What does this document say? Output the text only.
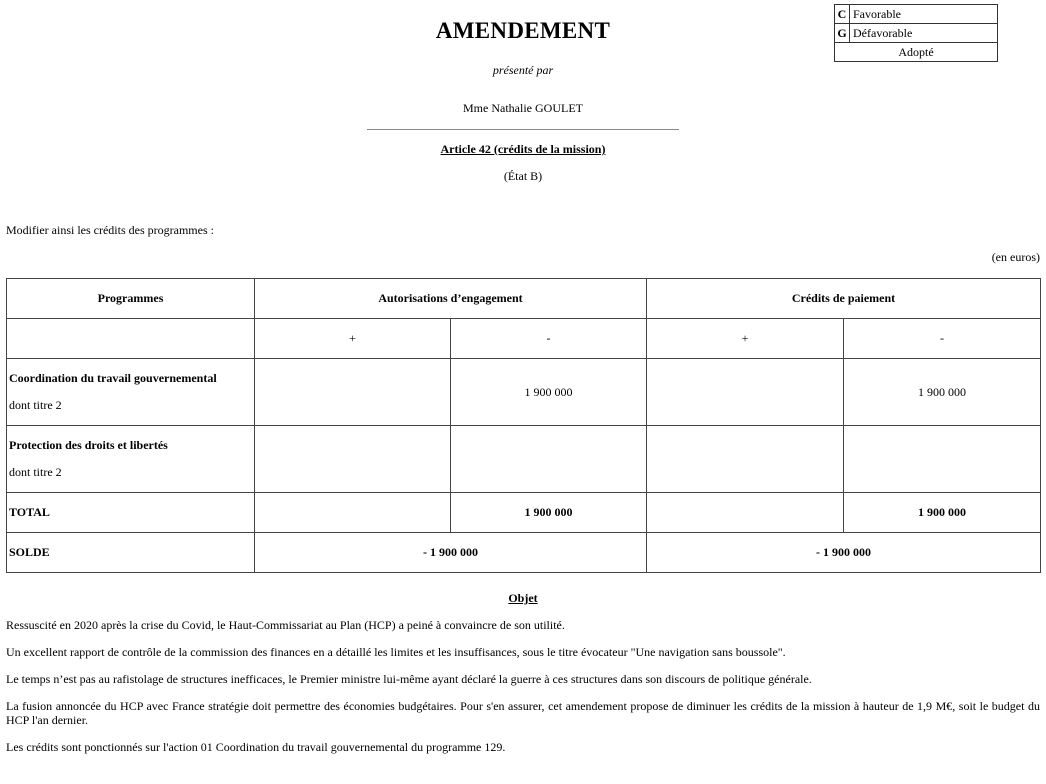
C	Favorable
G	Défavorable
Adopté	
AMENDEMENT
présenté par
Mme Nathalie GOULET
Article 42 (crédits de la mission)
(État B)
Modifier ainsi les crédits des programmes :
(en euros)
Programmes	Autorisations d’engagement		Crédits de paiement	
	+	-	+	-

Coordination du travail gouvernemental
dont titre 2		1 900 000		1 900 000

Protection des droits et libertés
dont titre 2				

TOTAL		1 900 000		1 900 000
SOLDE	- 1 900 000		- 1 900 000	
Objet

Ressuscité en 2020 après la crise du Covid, le Haut-Commissariat au Plan (HCP) a peiné à convaincre de son utilité.

Un excellent rapport de contrôle de la commission des finances en a détaillé les limites et les insuffisances, sous le titre évocateur "Une navigation sans boussole".

Le temps n’est pas au rafistolage de structures inefficaces, le Premier ministre lui-même ayant déclaré la guerre à ces structures dans son discours de politique générale.

La fusion annoncée du HCP avec France stratégie doit permettre des économies budgétaires. Pour s'en assurer, cet amendement propose de diminuer les crédits de la mission à hauteur de 1,9 M€, soit le budget du HCP l'an dernier.

Les crédits sont ponctionnés sur l'action 01 Coordination du travail gouvernemental du programme 129.
